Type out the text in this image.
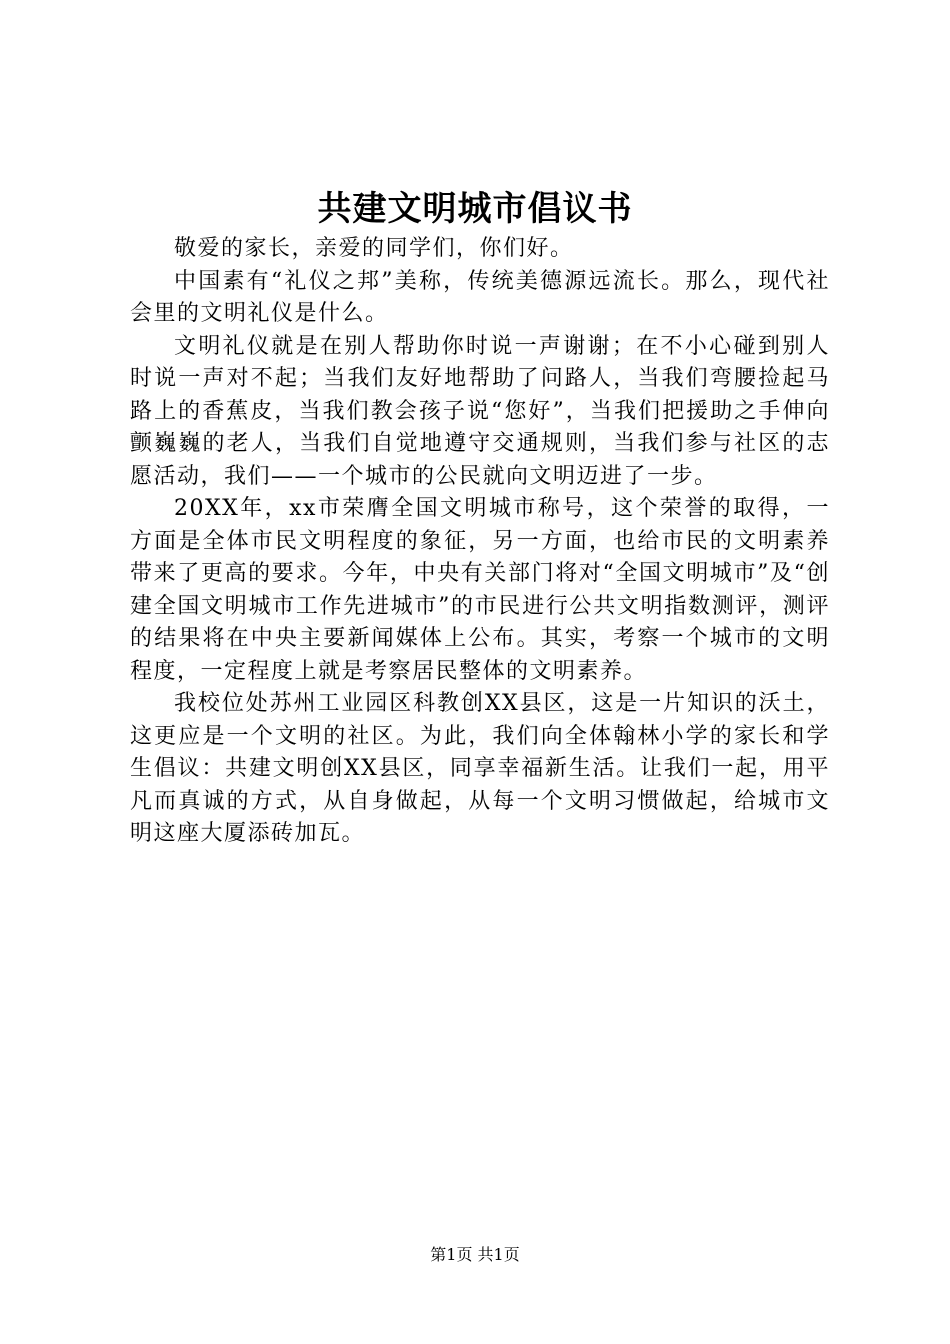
共建文明城市倡议书

敬爱的家长，亲爱的同学们，你们好。

中国素有“礼仪之邦”美称，传统美德源远流长。那么，现代社会里的文明礼仪是什么。

文明礼仪就是在别人帮助你时说一声谢谢；在不小心碰到别人时说一声对不起；当我们友好地帮助了问路人，当我们弯腰捡起马路上的香蕉皮，当我们教会孩子说“您好”，当我们把援助之手伸向颤巍巍的老人，当我们自觉地遵守交通规则，当我们参与社区的志愿活动，我们——一个城市的公民就向文明迈进了一步。

20XX年，xx市荣膺全国文明城市称号，这个荣誉的取得，一方面是全体市民文明程度的象征，另一方面，也给市民的文明素养带来了更高的要求。今年，中央有关部门将对“全国文明城市”及“创建全国文明城市工作先进城市”的市民进行公共文明指数测评，测评的结果将在中央主要新闻媒体上公布。其实，考察一个城市的文明程度，一定程度上就是考察居民整体的文明素养。

我校位处苏州工业园区科教创XX县区，这是一片知识的沃土，这更应是一个文明的社区。为此，我们向全体翰林小学的家长和学生倡议：共建文明创XX县区，同享幸福新生活。让我们一起，用平凡而真诚的方式，从自身做起，从每一个文明习惯做起，给城市文明这座大厦添砖加瓦。

第1页 共1页
